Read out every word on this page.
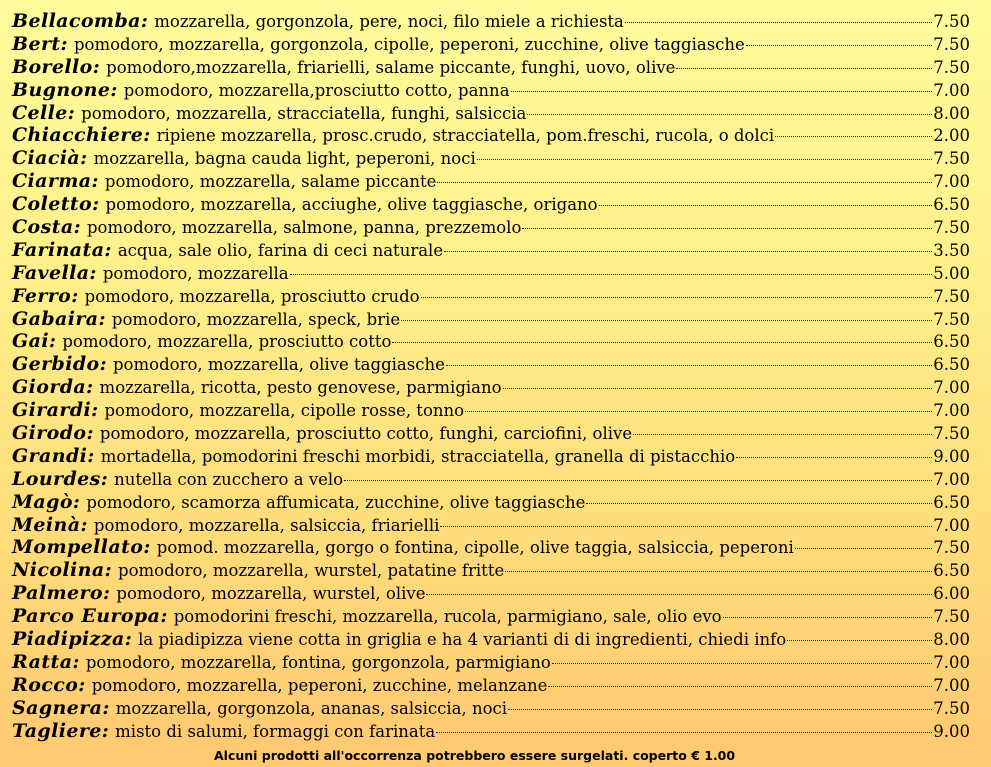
Bellacomba: mozzarella, gorgonzola, pere, noci, filo miele a richiesta	7.50
Bert: pomodoro, mozzarella, gorgonzola, cipolle, peperoni, zucchine, olive taggiasche	7.50
Borello: pomodoro,mozzarella, friarielli, salame piccante, funghi, uovo, olive	7.50
Bugnone: pomodoro, mozzarella,prosciutto cotto, panna	7.00
Celle: pomodoro, mozzarella, stracciatella, funghi, salsiccia	8.00
Chiacchiere: ripiene mozzarella, prosc.crudo, stracciatella, pom.freschi, rucola, o dolci	2.00
Ciacià: mozzarella, bagna cauda light, peperoni, noci	7.50
Ciarma: pomodoro, mozzarella, salame piccante	7.00
Coletto: pomodoro, mozzarella, acciughe, olive taggiasche, origano	6.50
Costa: pomodoro, mozzarella, salmone, panna, prezzemolo	7.50
Farinata: acqua, sale olio, farina di ceci naturale	3.50
Favella: pomodoro, mozzarella	5.00
Ferro: pomodoro, mozzarella, prosciutto crudo	7.50
Gabaira: pomodoro, mozzarella, speck, brie	7.50
Gai: pomodoro, mozzarella, prosciutto cotto	6.50
Gerbido: pomodoro, mozzarella, olive taggiasche	6.50
Giorda: mozzarella, ricotta, pesto genovese, parmigiano	7.00
Girardi: pomodoro, mozzarella, cipolle rosse, tonno	7.00
Girodo: pomodoro, mozzarella, prosciutto cotto, funghi, carciofini, olive	7.50
Grandi: mortadella, pomodorini freschi morbidi, stracciatella, granella di pistacchio	9.00
Lourdes: nutella con zucchero a velo	7.00
Magò: pomodoro, scamorza affumicata, zucchine, olive taggiasche	6.50
Meinà: pomodoro, mozzarella, salsiccia, friarielli	7.00
Mompellato: pomod. mozzarella, gorgo o fontina, cipolle, olive taggia, salsiccia, peperoni	7.50
Nicolina: pomodoro, mozzarella, wurstel, patatine fritte	6.50
Palmero: pomodoro, mozzarella, wurstel, olive	6.00
Parco Europa: pomodorini freschi, mozzarella, rucola, parmigiano, sale, olio evo	7.50
Piadipizza: la piadipizza viene cotta in griglia e ha 4 varianti di di ingredienti, chiedi info	8.00
Ratta: pomodoro, mozzarella, fontina, gorgonzola, parmigiano	7.00
Rocco: pomodoro, mozzarella, peperoni, zucchine, melanzane	7.00
Sagnera: mozzarella, gorgonzola, ananas, salsiccia, noci	7.50
Tagliere: misto di salumi, formaggi con farinata	9.00
Alcuni prodotti all'occorrenza potrebbero essere surgelati. coperto € 1.00
